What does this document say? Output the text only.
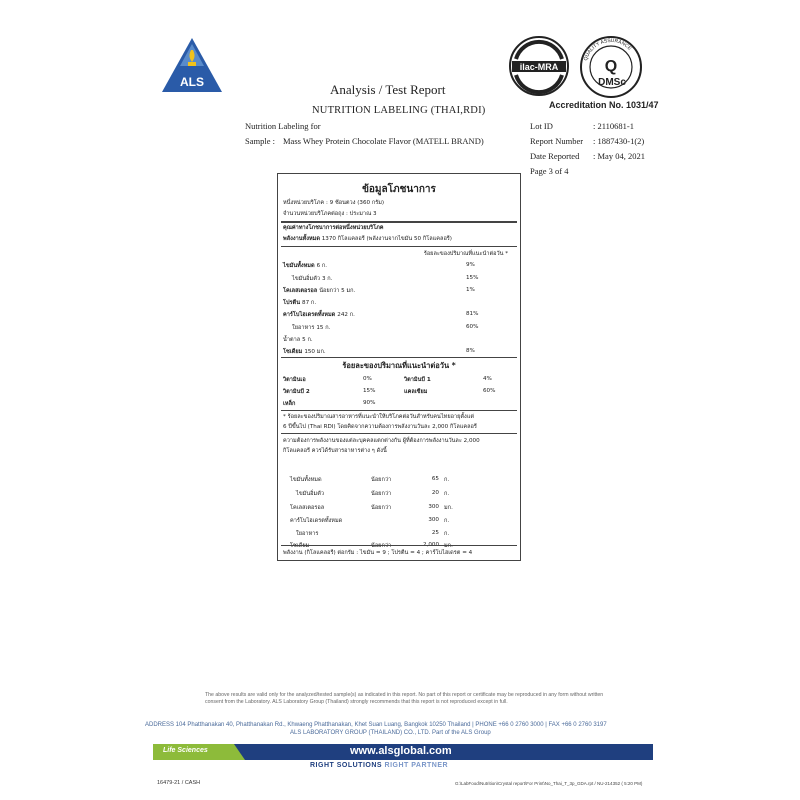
ALS	Analysis / Test Report
NUTRITION LABELING (THAI,RDI)
ilac-MRA
QUALITY ASSURANCE
Q
DMSc
Accreditation No. 1031/47
Nutrition Labeling for
Sample : Mass Whey Protein Chocolate Flavor (MATELL BRAND)
Lot ID	: 2110681-1
Report Number : 1887430-1(2)
Date Reported : May 04, 2021
Page 3 of 4
ข้อมูลโภชนาการ
หนึ่งหน่วยบริโภค : 9 ช้อนตวง (360 กรัม)
จำนวนหน่วยบริโภคต่อถุง : ประมาณ 3
คุณค่าทางโภชนาการต่อหนึ่งหน่วยบริโภค
พลังงานทั้งหมด 1370 กิโลแคลอรี (พลังงานจากไขมัน 50 กิโลแคลอรี)
ร้อยละของปริมาณที่แนะนำต่อวัน *
ไขมันทั้งหมด 6 ก.	9%
ไขมันอิ่มตัว 3 ก.	15%
โคเลสเตอรอล น้อยกว่า 5 มก.	1%
โปรตีน 87 ก.
คาร์โบไฮเดรตทั้งหมด 242 ก.	81%
ใยอาหาร 15 ก.	60%
น้ำตาล 5 ก.
โซเดียม 150 มก.	8%
ร้อยละของปริมาณที่แนะนำต่อวัน *
วิตามินเอ	0%	วิตามินบี 1	4%
วิตามินบี 2	15%	แคลเซียม	60%
เหล็ก	90%
* ร้อยละของปริมาณสารอาหารที่แนะนำให้บริโภคต่อวันสำหรับคนไทยอายุตั้งแต่
6 ปีขึ้นไป (Thai RDI) โดยคิดจากความต้องการพลังงานวันละ 2,000 กิโลแคลอรี
ความต้องการพลังงานของแต่ละบุคคลแตกต่างกัน ผู้ที่ต้องการพลังงานวันละ 2,000
กิโลแคลอรี ควรได้รับสารอาหารต่าง ๆ ดังนี้
ไขมันทั้งหมด	น้อยกว่า	65 ก.
ไขมันอิ่มตัว	น้อยกว่า	20 ก.
โคเลสเตอรอล	น้อยกว่า	300 มก.
คาร์โบไฮเดรตทั้งหมด	300 ก.
ใยอาหาร	25 ก.
โซเดียม	น้อยกว่า	2,000 มก.
พลังงาน (กิโลแคลอรี) ต่อกรัม : ไขมัน = 9 ; โปรตีน = 4 ; คาร์โบไฮเดรต = 4
The above results are valid only for the analyzed/tested sample(s) as indicated in this report. No part of this report or certificate may be reproduced in any form without written consent from the Laboratory. ALS Laboratory Group (Thailand) strongly recommends that this report is not reproduced except in full.
ADDRESS 104 Phatthanakan 40, Phatthanakan Rd., Khwaeng Phatthanakan, Khet Suan Luang, Bangkok 10250 Thailand | PHONE +66 0 2760 3000 | FAX +66 0 2760 3197
ALS LABORATORY GROUP (THAILAND) CO., LTD. Part of the ALS Group
Life Sciences	www.alsglobal.com
RIGHT SOLUTIONS RIGHT PARTNER
16479-21 / CASH	G:\LabFood\Nutrition\Crystal report\For Print\No_Thai_T_3p_GDA.rpt / NU-214352 ( 5:20 PM)
